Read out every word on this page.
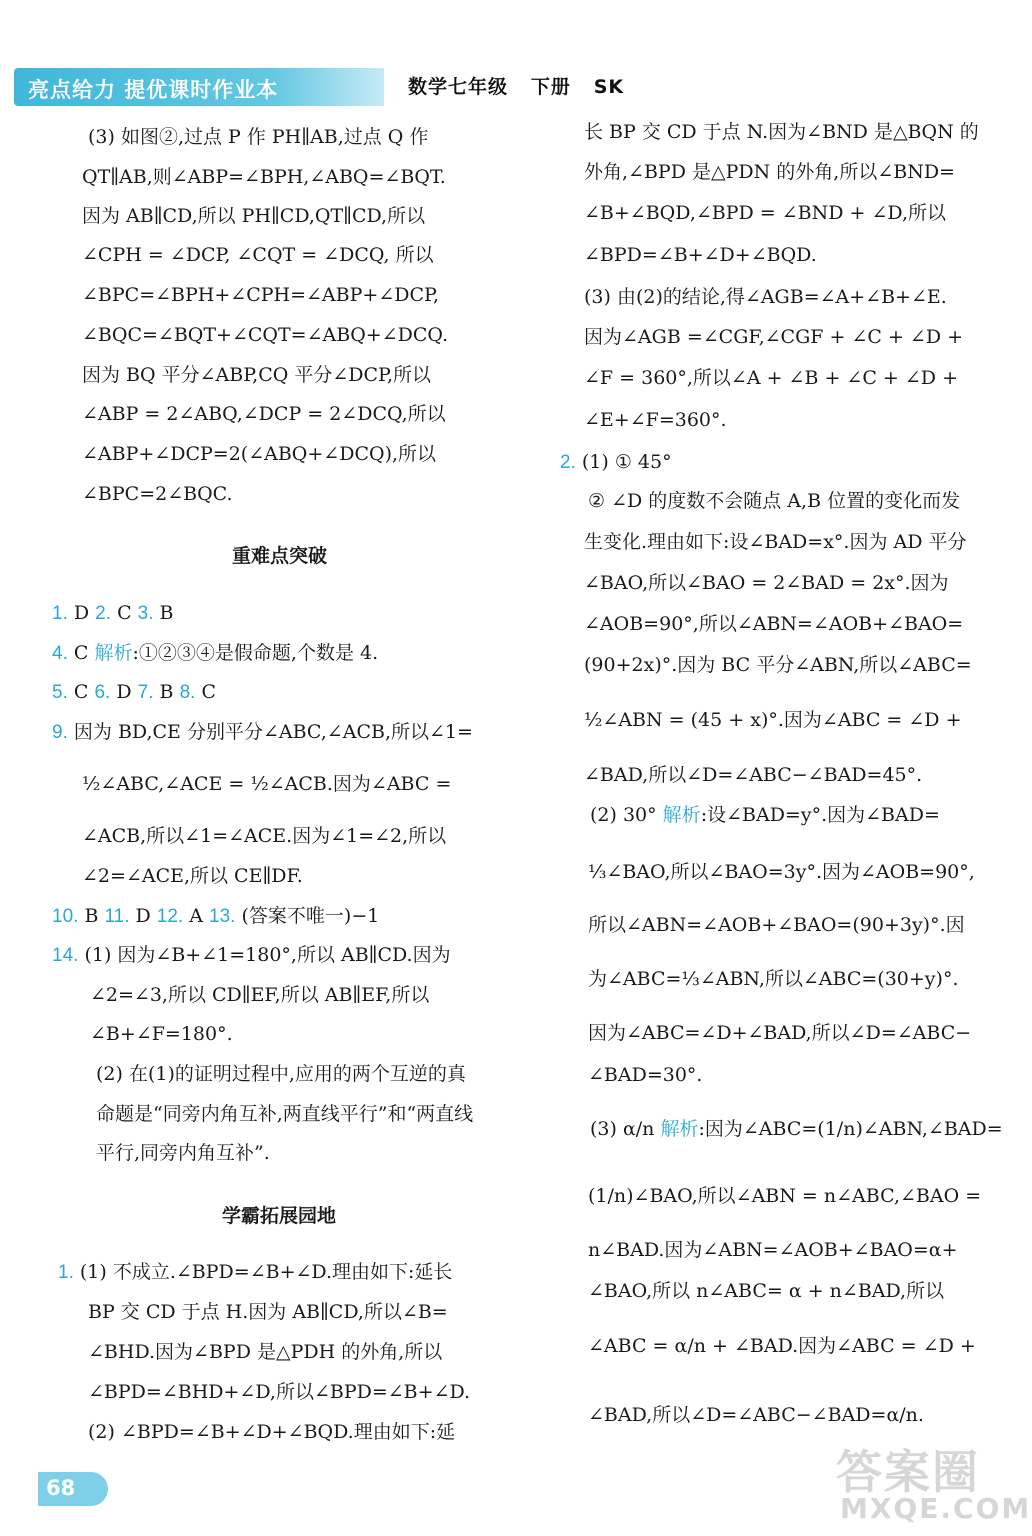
亮点给力 提优课时作业本	数学七年级   下册   SK
(3) 如图②,过点 P 作 PH∥AB,过点 Q 作
QT∥AB,则∠ABP=∠BPH,∠ABQ=∠BQT.
因为 AB∥CD,所以 PH∥CD,QT∥CD,所以
∠CPH = ∠DCP, ∠CQT = ∠DCQ, 所以
∠BPC=∠BPH+∠CPH=∠ABP+∠DCP,
∠BQC=∠BQT+∠CQT=∠ABQ+∠DCQ.
因为 BQ 平分∠ABP,CQ 平分∠DCP,所以
∠ABP = 2∠ABQ,∠DCP = 2∠DCQ,所以
∠ABP+∠DCP=2(∠ABQ+∠DCQ),所以
∠BPC=2∠BQC.
重难点突破
1. D 2. C 3. B
4. C 解析:①②③④是假命题,个数是 4.
5. C 6. D 7. B 8. C
9. 因为 BD,CE 分别平分∠ABC,∠ACB,所以∠1=
½∠ABC,∠ACE = ½∠ACB.因为∠ABC =
∠ACB,所以∠1=∠ACE.因为∠1=∠2,所以
∠2=∠ACE,所以 CE∥DF.
10. B 11. D 12. A 13. (答案不唯一)−1
14. (1) 因为∠B+∠1=180°,所以 AB∥CD.因为
∠2=∠3,所以 CD∥EF,所以 AB∥EF,所以
∠B+∠F=180°.
(2) 在(1)的证明过程中,应用的两个互逆的真
命题是“同旁内角互补,两直线平行”和“两直线
平行,同旁内角互补”.
学霸拓展园地
1. (1) 不成立.∠BPD=∠B+∠D.理由如下:延长
BP 交 CD 于点 H.因为 AB∥CD,所以∠B=
∠BHD.因为∠BPD 是△PDH 的外角,所以
∠BPD=∠BHD+∠D,所以∠BPD=∠B+∠D.
(2) ∠BPD=∠B+∠D+∠BQD.理由如下:延
长 BP 交 CD 于点 N.因为∠BND 是△BQN 的
外角,∠BPD 是△PDN 的外角,所以∠BND=
∠B+∠BQD,∠BPD = ∠BND + ∠D,所以
∠BPD=∠B+∠D+∠BQD.
(3) 由(2)的结论,得∠AGB=∠A+∠B+∠E.
因为∠AGB =∠CGF,∠CGF + ∠C + ∠D +
∠F = 360°,所以∠A + ∠B + ∠C + ∠D +
∠E+∠F=360°.
2. (1) ① 45°
② ∠D 的度数不会随点 A,B 位置的变化而发
生变化.理由如下:设∠BAD=x°.因为 AD 平分
∠BAO,所以∠BAO = 2∠BAD = 2x°.因为
∠AOB=90°,所以∠ABN=∠AOB+∠BAO=
(90+2x)°.因为 BC 平分∠ABN,所以∠ABC=
½∠ABN = (45 + x)°.因为∠ABC = ∠D +
∠BAD,所以∠D=∠ABC−∠BAD=45°.
(2) 30° 解析:设∠BAD=y°.因为∠BAD=
⅓∠BAO,所以∠BAO=3y°.因为∠AOB=90°,
所以∠ABN=∠AOB+∠BAO=(90+3y)°.因
为∠ABC=⅓∠ABN,所以∠ABC=(30+y)°.
因为∠ABC=∠D+∠BAD,所以∠D=∠ABC−
∠BAD=30°.
(3) α/n 解析:因为∠ABC=(1/n)∠ABN,∠BAD=
(1/n)∠BAO,所以∠ABN = n∠ABC,∠BAO =
n∠BAD.因为∠ABN=∠AOB+∠BAO=α+
∠BAO,所以 n∠ABC= α + n∠BAD,所以
∠ABC = α/n + ∠BAD.因为∠ABC = ∠D +
∠BAD,所以∠D=∠ABC−∠BAD=α/n.
68	答案圈
MXQE.COM
